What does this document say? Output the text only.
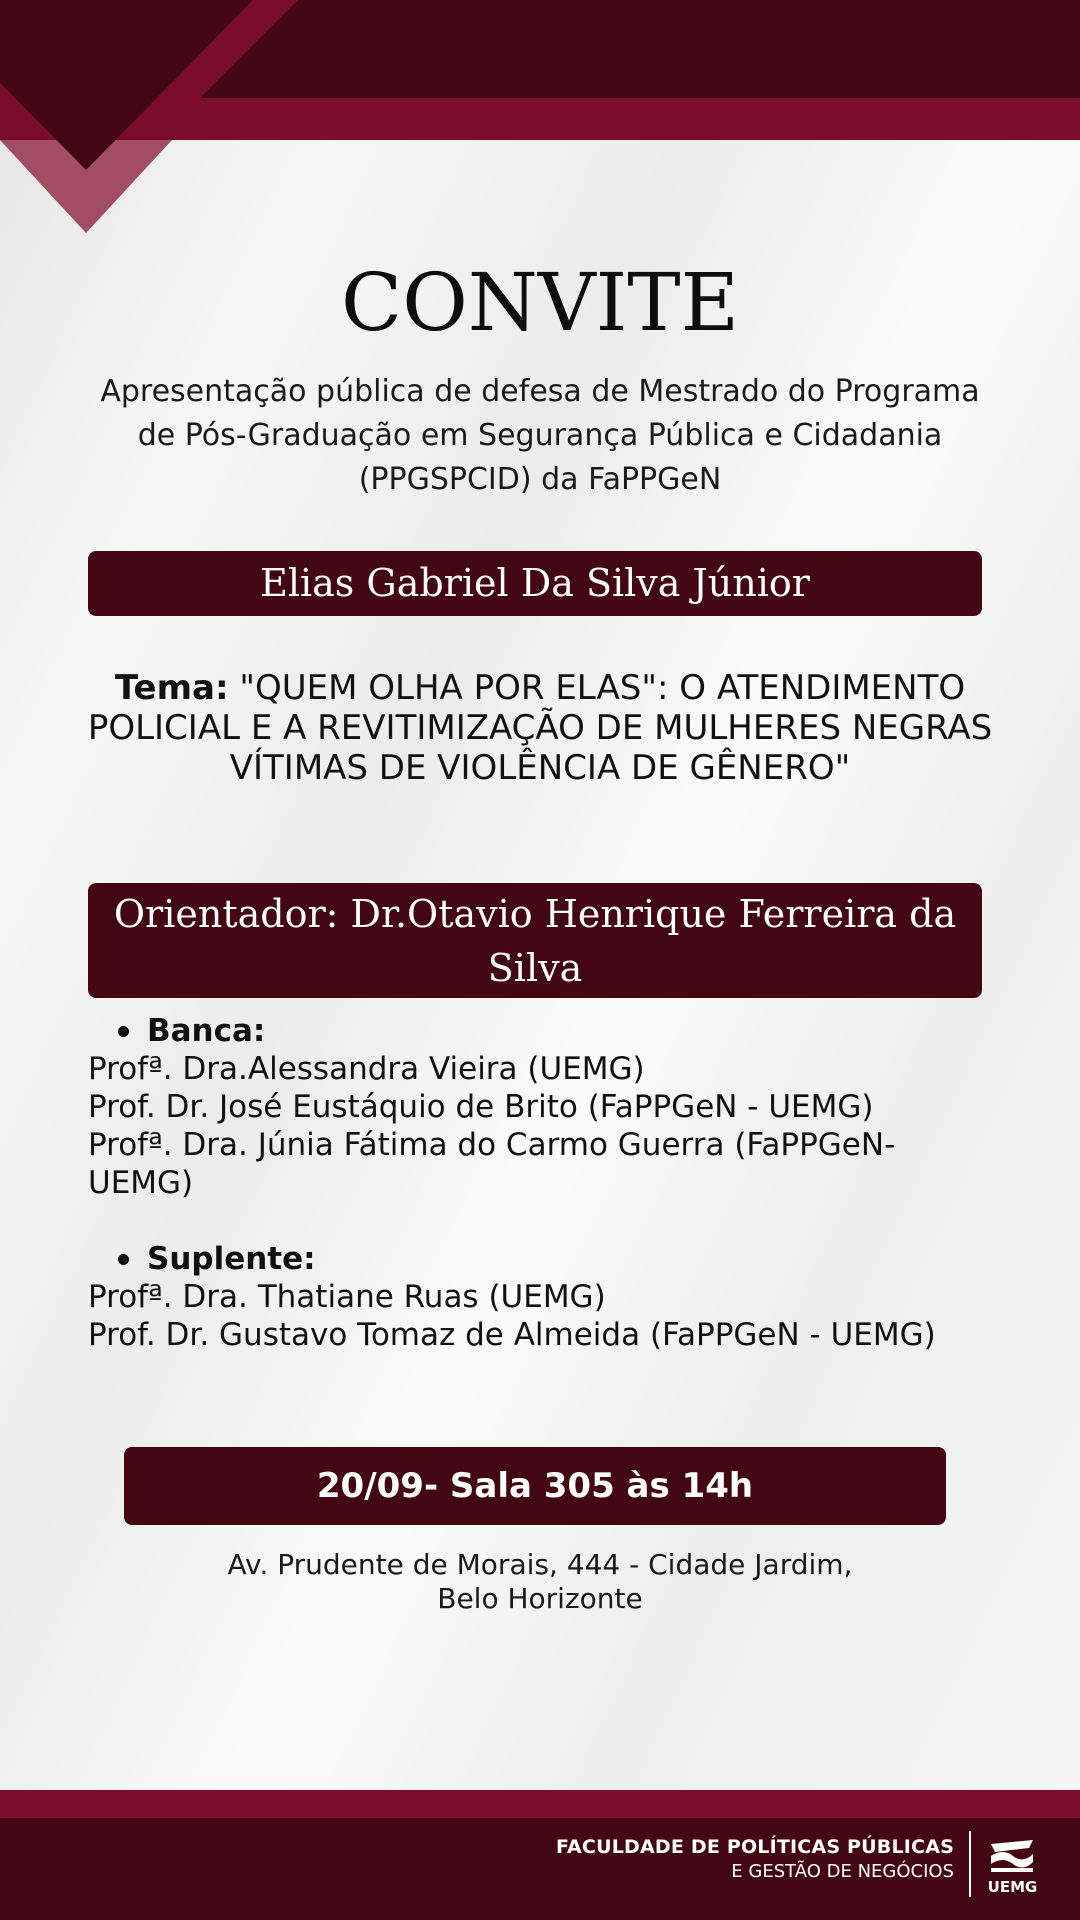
CONVITE
Apresentação pública de defesa de Mestrado do Programa de Pós-Graduação em Segurança Pública e Cidadania (PPGSPCID) da FaPPGeN
Elias Gabriel Da Silva Júnior
Tema: "QUEM OLHA POR ELAS": O ATENDIMENTO POLICIAL E A REVITIMIZAÇÃO DE MULHERES NEGRAS VÍTIMAS DE VIOLÊNCIA DE GÊNERO"
Orientador: Dr.Otavio Henrique Ferreira da Silva
Banca:
Profª. Dra.Alessandra Vieira (UEMG)
Prof. Dr. José Eustáquio de Brito (FaPPGeN - UEMG)
Profª. Dra. Júnia Fátima do Carmo Guerra (FaPPGeN- UEMG)
Suplente:
Profª. Dra. Thatiane Ruas (UEMG)
Prof. Dr. Gustavo Tomaz de Almeida (FaPPGeN - UEMG)
20/09- Sala 305 às 14h
Av. Prudente de Morais, 444 - Cidade Jardim,
Belo Horizonte
FACULDADE DE POLÍTICAS PÚBLICAS
E GESTÃO DE NEGÓCIOS
UEMG
